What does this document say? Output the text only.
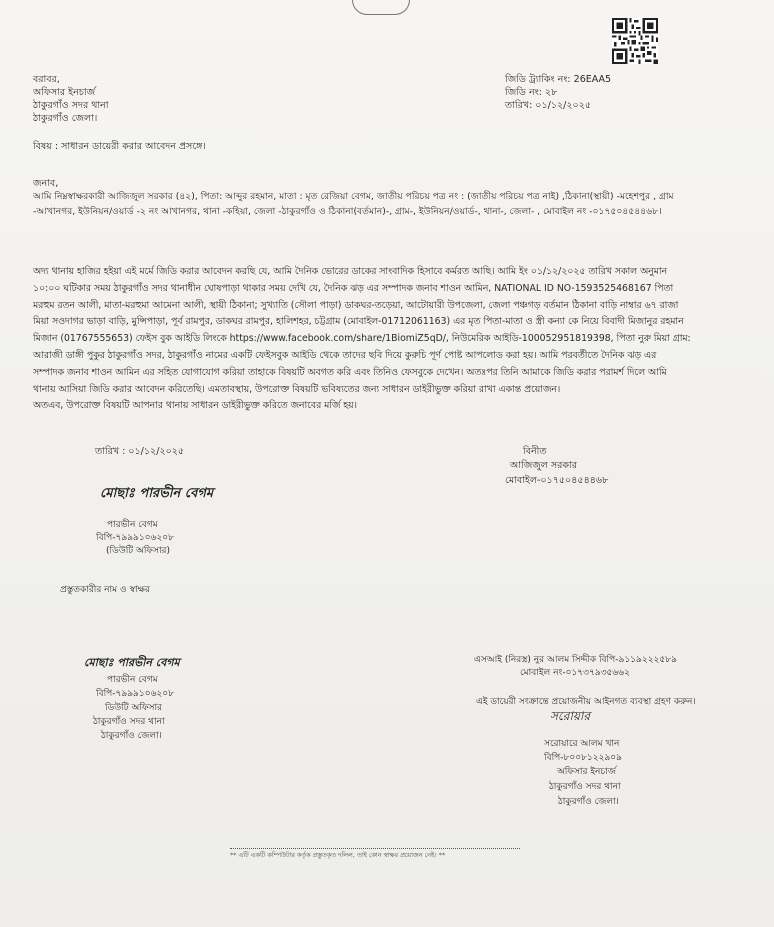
বরাবর,
অফিসার ইনচার্জ
ঠাকুরগাঁও সদর থানা
ঠাকুরগাঁও জেলা।
জিডি ট্র্যাকিং নং: 26EAA5
জিডি নং: ২৮
তারিখ: ০১/১২/২০২৫
বিষয় : সাধারন ডায়েরী করার আবেদন প্রসঙ্গে।
জনাব,
আমি নিম্নস্বাক্ষরকারী আজিজুল সরকার (৪২), পিতা: আব্দুর রহমান, মাতা : মৃত রেজিয়া বেগম, জাতীয় পরিচয় পত্র নং : (জাতীয় পরিচয় পত্র নাই) ,ঠিকানা(স্থায়ী) -মহেশপুর , গ্রাম
-আখানগর, ইউনিয়ন/ওয়ার্ড -২ নং আখানগর, থানা -কহিয়া, জেলা -ঠাকুরগাঁও ও ঠিকানা(বর্তমান)-, গ্রাম-, ইউনিয়ন/ওয়ার্ড-, থানা-, জেলা- , মোবাইল নং -০১৭৫০৪৫৪৪৬৮।
অদ্য থানায় হাজির হইয়া এই মর্মে জিডি করার আবেদন করছি যে, আমি দৈনিক ভোরের ডাকের সাংবাদিক হিসাবে কর্মরত আছি। আমি ইং ০১/১২/২০২৫ তারিখ সকাল অনুমান
১০:০০ ঘটিকার সময় ঠাকুরগাঁও সদর থানাধীন ঘোষপাড়া থাকার সময় দেখি যে, দৈনিক ঝড় এর সম্পাদক জনাব শাওন আমিন, NATIONAL ID NO-1593525468167 পিতা
মরহুম রতন আলী, মাতা-মরহুমা আমেনা আলী, স্থায়ী ঠিকানা; সুখ্যাতি (সৌলা পাড়া) ডাকঘর-তড়েয়া, আটোয়ারী উপজেলা, জেলা পঞ্চগড় বর্তমান ঠিকানা বাড়ি নাম্বার ৬৭ রাজা
মিয়া সওদাগর ভাড়া বাড়ি, মুন্সিপাড়া, পূর্ব রামপুর, ডাকঘর রামপুর, হালিশহর, চট্টগ্রাম (মোবাইল-01712061163) এর মৃত পিতা-মাতা ও স্ত্রী কন্যা কে নিয়ে বিবাদী মিজানুর রহমান
মিজান (01767555653) ফেইস বুক আইডি লিংকে https://www.facebook.com/share/1BiomiZ5qD/, নিউমেরিক আইডি-100052951819398, পিতা নুরু মিয়া গ্রাম:
আরাজী ডাঙ্গী পুকুর ঠাকুরগাঁও সদর, ঠাকুরগাঁও নামের একটি ফেইসবুক আইডি থেকে তাদের ছবি দিয়ে কুরুচি পূর্ণ পোষ্ট আপলোড করা হয়। আমি পরবর্তীতে দৈনিক ঝড় এর
সম্পাদক জনাব শাওন আমিন এর সহিত যোগাযোগ করিয়া তাহাকে বিষয়টি অবগত করি এবং তিনিও ফেসবুকে দেখেন। অতঃপর তিনি আমাকে জিডি করার পরামর্শ দিলে আমি
থানায় আসিয়া জিডি করার আবেদন করিতেছি। এমতাবস্থায়, উপরোক্ত বিষয়টি ভবিষ্যতের জন্য সাধারন ডাইরীভুক্ত করিয়া রাখা একান্ত প্রয়োজন।
অতএব, উপরোক্ত বিষয়টি আপনার থানায় সাধারন ডাইরীভুক্ত করিতে জনাবের মর্জি হয়।
তারিখ : ০১/১২/২০২৫	বিনীত
আজিজুল সরকার
মোবাইল-০১৭৫০৪৫৪৪৬৮
মোছাঃ পারভীন বেগম
পারভীন বেগম
বিপি-৭৯৯৯১০৬২০৮
(ডিউটি অফিসার)
প্রস্তুতকারীর নাম ও স্বাক্ষর
মোছাঃ পারভীন বেগম
পারভীন বেগম
বিপি-৭৯৯৯১০৬২০৮
ডিউটি অফিসার
ঠাকুরগাঁও সদর থানা
ঠাকুরগাঁও জেলা।
এসআই (নিরস্ত্র) নুর আলম সিদ্দীক বিপি-৯১১৯২২২৫৮৯
মোবাইল নং-০১৭৩৭৯৩৫৬৬২
এই ডায়েরী সংক্রান্তে প্রয়োজনীয় আইনগত ব্যবস্থা গ্রহণ করুন।
সরোয়ার
সরোয়ারে আলম খান
বিপি-৮০০৮১২২৯০৯
অফিসার ইনচার্জ
ঠাকুরগাঁও সদর থানা
ঠাকুরগাঁও জেলা।
** এটি একটি কম্পিউটার কর্তৃক প্রস্তুতকৃত দলিল, তাই কোন স্বাক্ষর প্রয়োজন নেই। **
